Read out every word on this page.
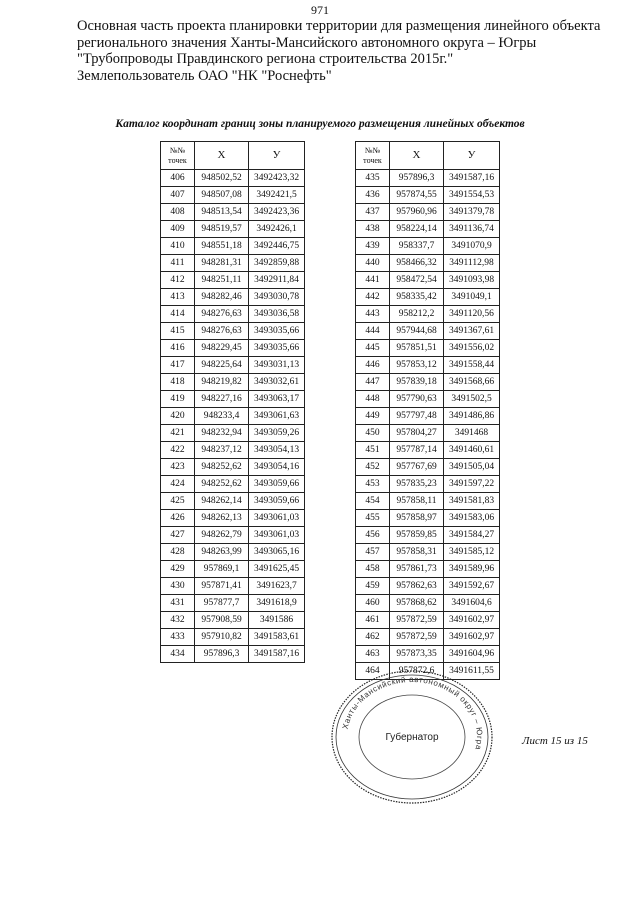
971
Основная часть проекта планировки территории для размещения линейного объекта
регионального значения Ханты-Мансийского автономного округа – Югры
"Трубопроводы Правдинского региона строительства 2015г."
Землепользователь ОАО "НК "Роснефть"
Каталог координат границ зоны планируемого размещения линейных объектов
№№
точек	X	У
406	948502,52	3492423,32
407	948507,08	3492421,5
408	948513,54	3492423,36
409	948519,57	3492426,1
410	948551,18	3492446,75
411	948281,31	3492859,88
412	948251,11	3492911,84
413	948282,46	3493030,78
414	948276,63	3493036,58
415	948276,63	3493035,66
416	948229,45	3493035,66
417	948225,64	3493031,13
418	948219,82	3493032,61
419	948227,16	3493063,17
420	948233,4	3493061,63
421	948232,94	3493059,26
422	948237,12	3493054,13
423	948252,62	3493054,16
424	948252,62	3493059,66
425	948262,14	3493059,66
426	948262,13	3493061,03
427	948262,79	3493061,03
428	948263,99	3493065,16
429	957869,1	3491625,45
430	957871,41	3491623,7
431	957877,7	3491618,9
432	957908,59	3491586
433	957910,82	3491583,61
434	957896,3	3491587,16
№№
точек	X	У
435	957896,3	3491587,16
436	957874,55	3491554,53
437	957960,96	3491379,78
438	958224,14	3491136,74
439	958337,7	3491070,9
440	958466,32	3491112,98
441	958472,54	3491093,98
442	958335,42	3491049,1
443	958212,2	3491120,56
444	957944,68	3491367,61
445	957851,51	3491556,02
446	957853,12	3491558,44
447	957839,18	3491568,66
448	957790,63	3491502,5
449	957797,48	3491486,86
450	957804,27	3491468
451	957787,14	3491460,61
452	957767,69	3491505,04
453	957835,23	3491597,22
454	957858,11	3491581,83
455	957858,97	3491583,06
456	957859,85	3491584,27
457	957858,31	3491585,12
458	957861,73	3491589,96
459	957862,63	3491592,67
460	957868,62	3491604,6
461	957872,59	3491602,97
462	957872,59	3491602,97
463	957873,35	3491604,96
464	957872,6	3491611,55
Ханты-Мансийский автономный округ – Югра
Губернатор	Лист 15 из 15
